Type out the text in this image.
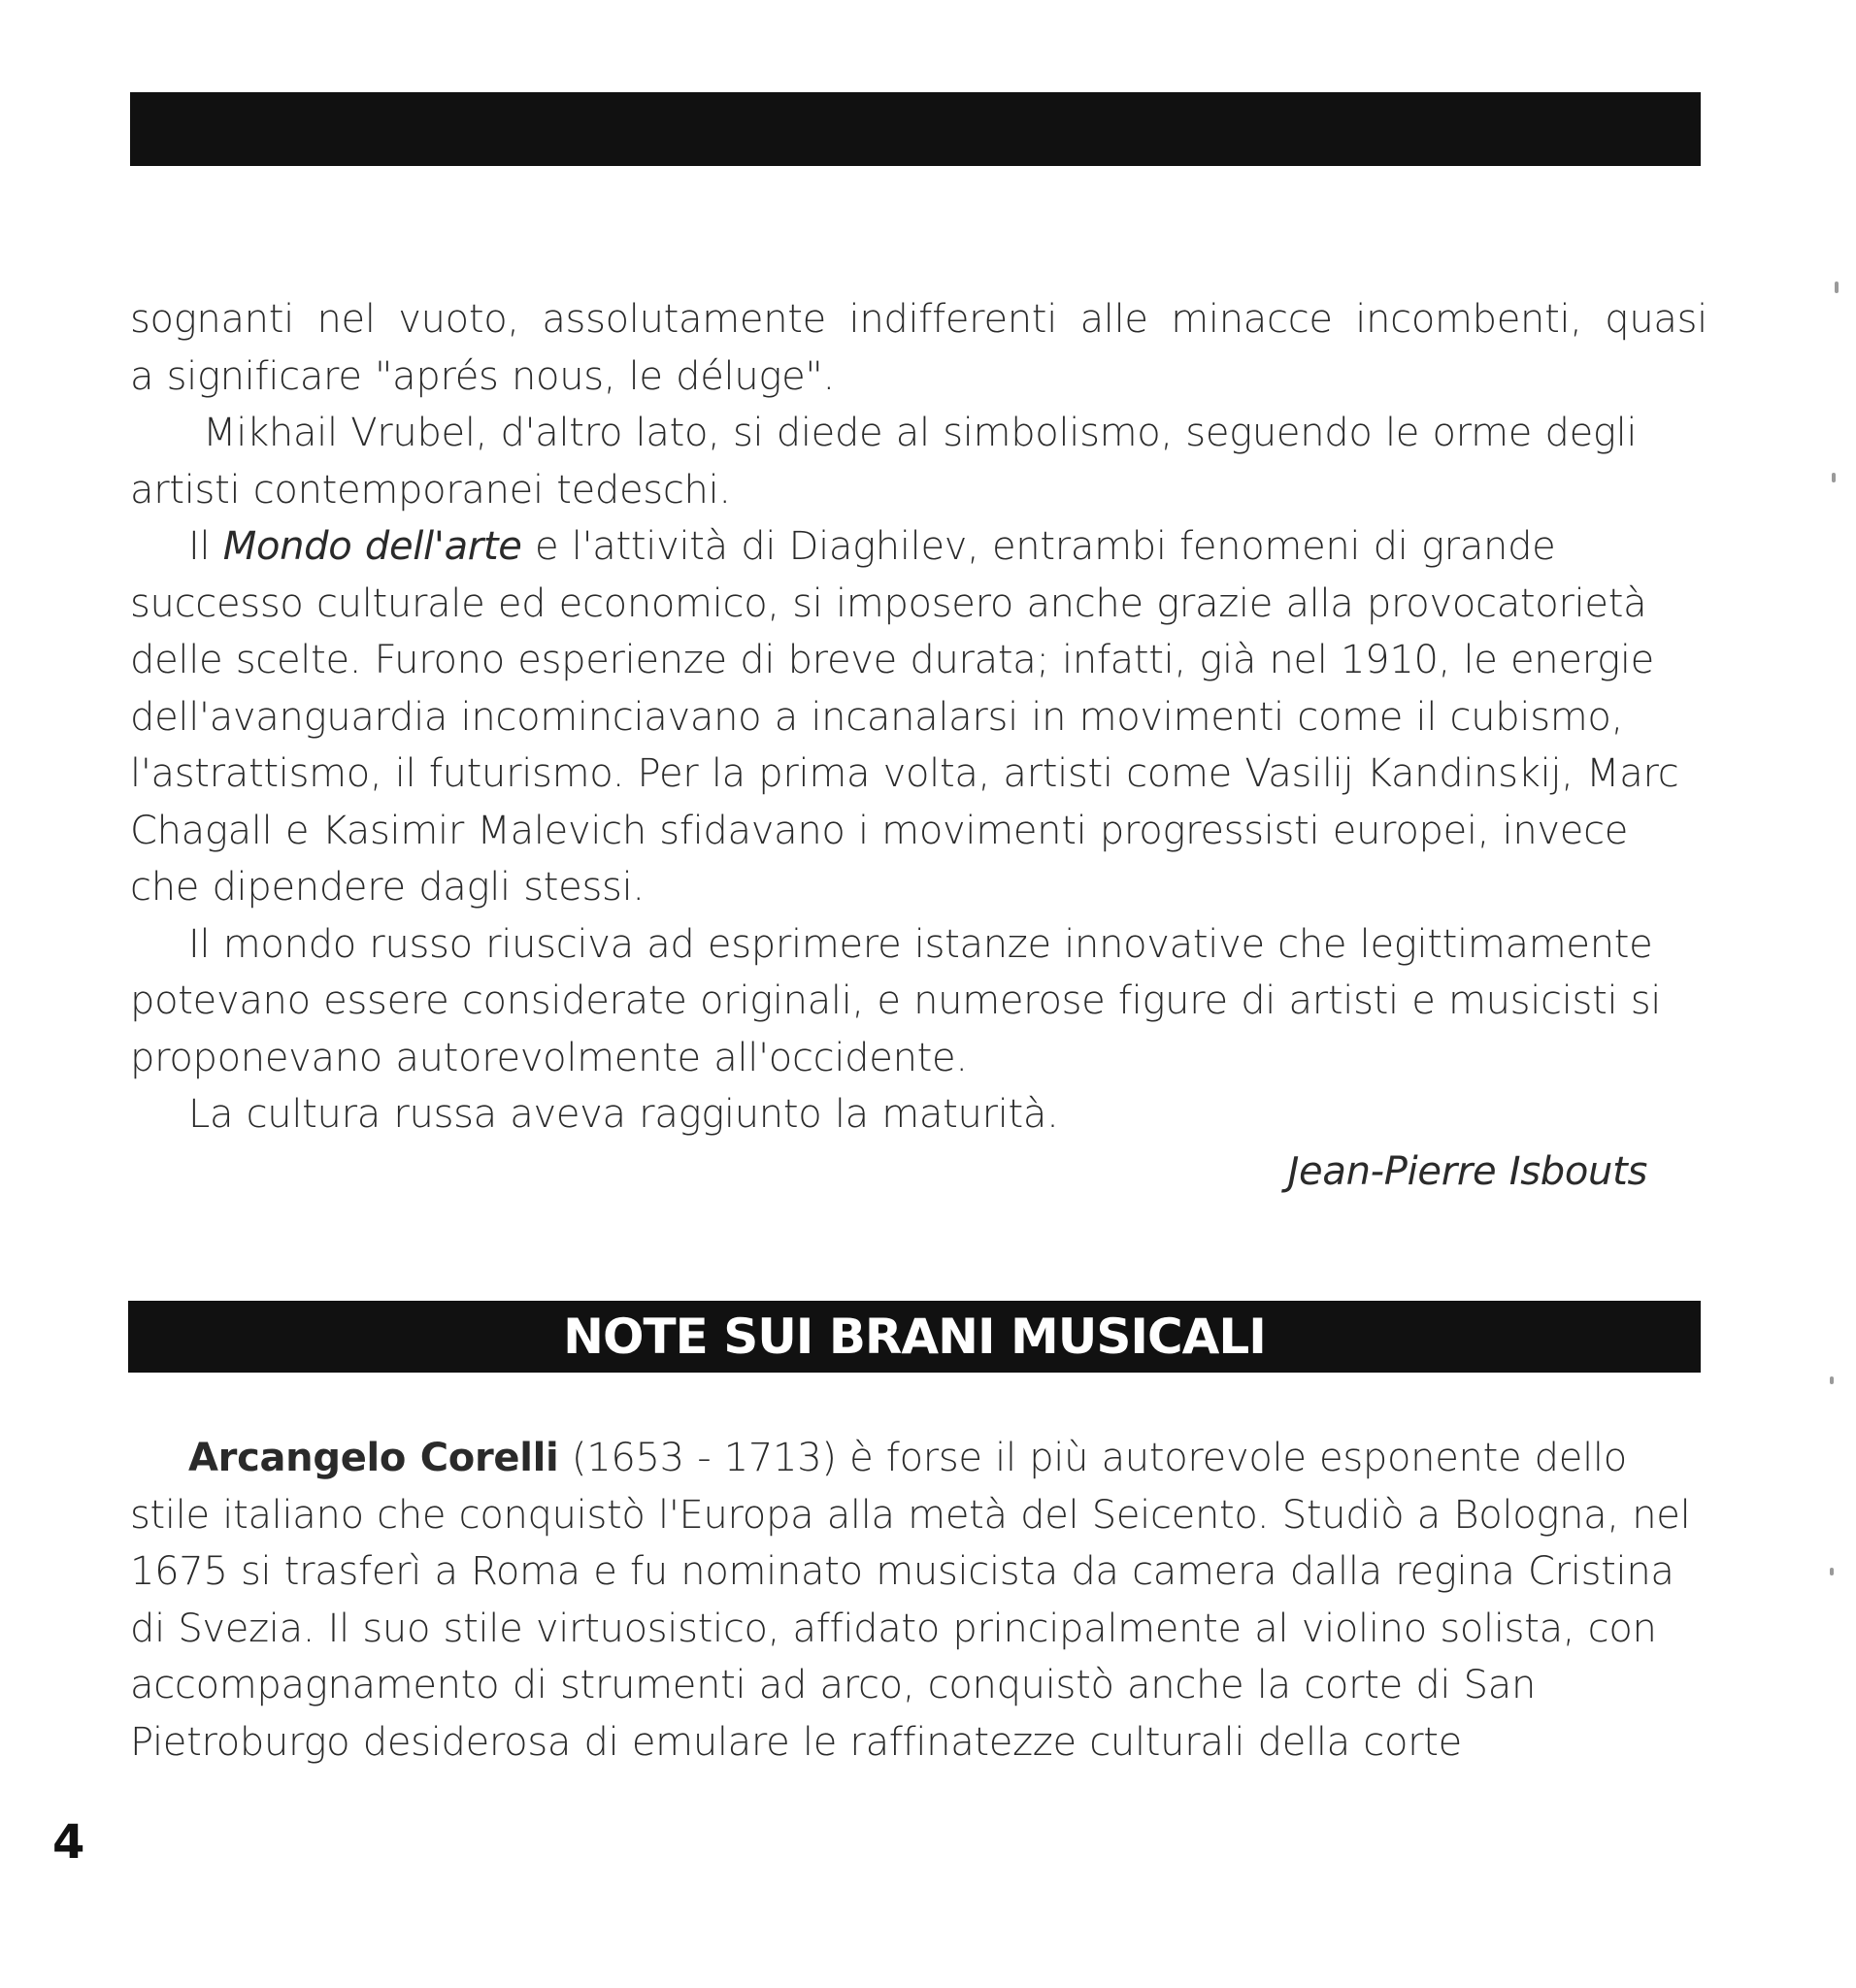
sognanti nel vuoto, assolutamente indifferenti alle minacce incombenti, quasi
a significare "aprés nous, le déluge".

Mikhail Vrubel, d'altro lato, si diede al simbolismo, seguendo le orme degli artisti contemporanei tedeschi.

Il Mondo dell'arte e l'attività di Diaghilev, entrambi fenomeni di grande successo culturale ed economico, si imposero anche grazie alla provocatorietà delle scelte. Furono esperienze di breve durata; infatti, già nel 1910, le energie dell'avanguardia incominciavano a incanalarsi in movimenti come il cubismo, l'astrattismo, il futurismo. Per la prima volta, artisti come Vasilij Kandinskij, Marc Chagall e Kasimir Malevich sfidavano i movimenti progressisti europei, invece che dipendere dagli stessi.

Il mondo russo riusciva ad esprimere istanze innovative che legittimamente potevano essere considerate originali, e numerose figure di artisti e musicisti si proponevano autorevolmente all'occidente.

La cultura russa aveva raggiunto la maturità.

Jean-Pierre Isbouts

NOTE SUI BRANI MUSICALI

Arcangelo Corelli (1653 - 1713) è forse il più autorevole esponente dello stile italiano che conquistò l'Europa alla metà del Seicento. Studiò a Bologna, nel 1675 si trasferì a Roma e fu nominato musicista da camera dalla regina Cristina di Svezia. Il suo stile virtuosistico, affidato principalmente al violino solista, con accompagnamento di strumenti ad arco, conquistò anche la corte di San Pietroburgo desiderosa di emulare le raffinatezze culturali della corte

4
